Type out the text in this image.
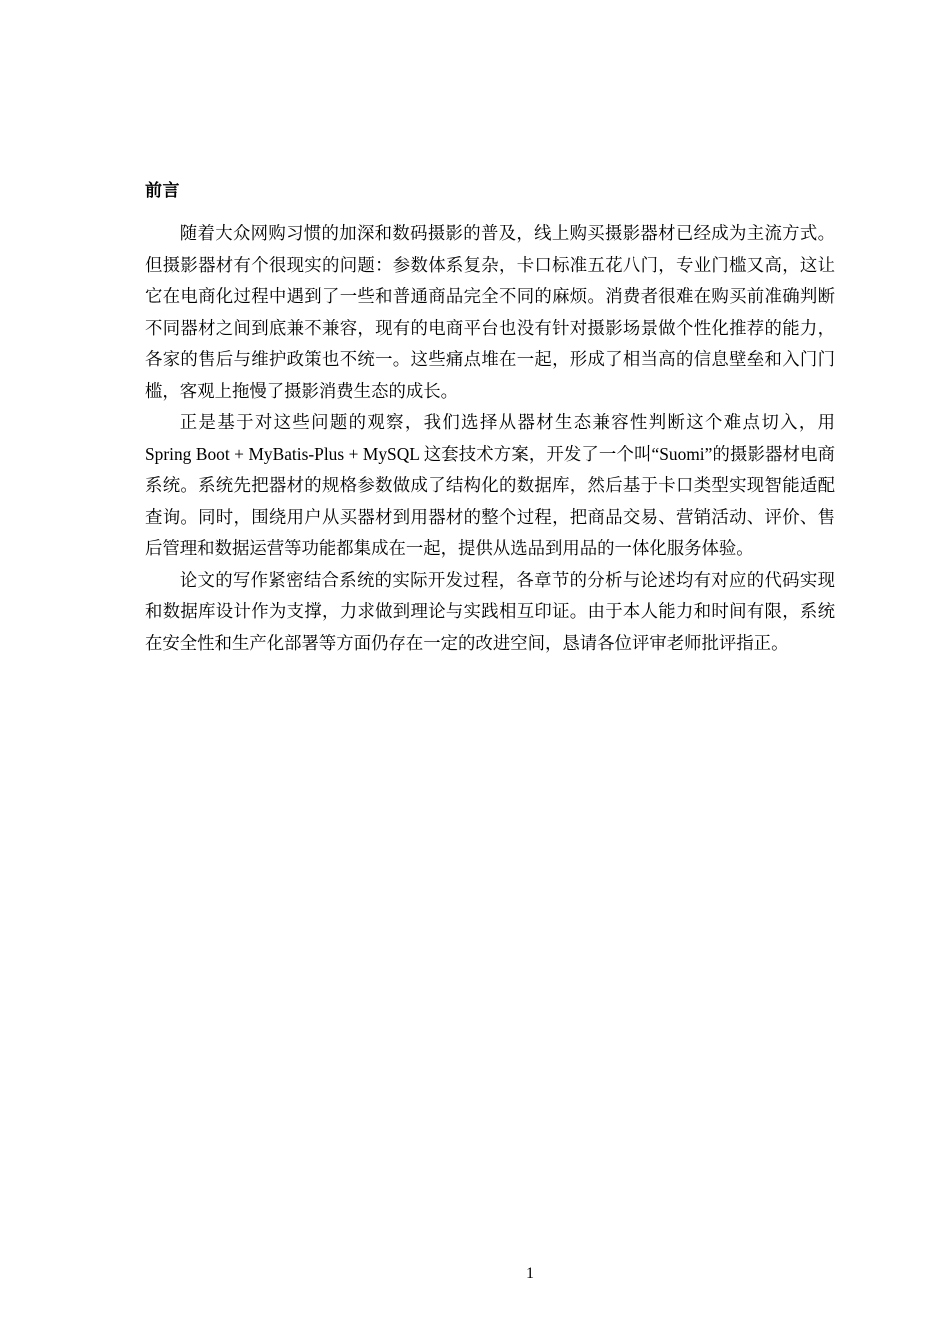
前言

随着大众网购习惯的加深和数码摄影的普及，线上购买摄影器材已经成为主流方式。但摄影器材有个很现实的问题：参数体系复杂，卡口标准五花八门，专业门槛又高，这让它在电商化过程中遇到了一些和普通商品完全不同的麻烦。消费者很难在购买前准确判断不同器材之间到底兼不兼容，现有的电商平台也没有针对摄影场景做个性化推荐的能力，各家的售后与维护政策也不统一。这些痛点堆在一起，形成了相当高的信息壁垒和入门门槛，客观上拖慢了摄影消费生态的成长。

正是基于对这些问题的观察，我们选择从器材生态兼容性判断这个难点切入，用 Spring Boot + MyBatis-Plus + MySQL 这套技术方案，开发了一个叫“Suomi”的摄影器材电商系统。系统先把器材的规格参数做成了结构化的数据库，然后基于卡口类型实现智能适配查询。同时，围绕用户从买器材到用器材的整个过程，把商品交易、营销活动、评价、售后管理和数据运营等功能都集成在一起，提供从选品到用品的一体化服务体验。

论文的写作紧密结合系统的实际开发过程，各章节的分析与论述均有对应的代码实现和数据库设计作为支撑，力求做到理论与实践相互印证。由于本人能力和时间有限，系统在安全性和生产化部署等方面仍存在一定的改进空间，恳请各位评审老师批评指正。

1
